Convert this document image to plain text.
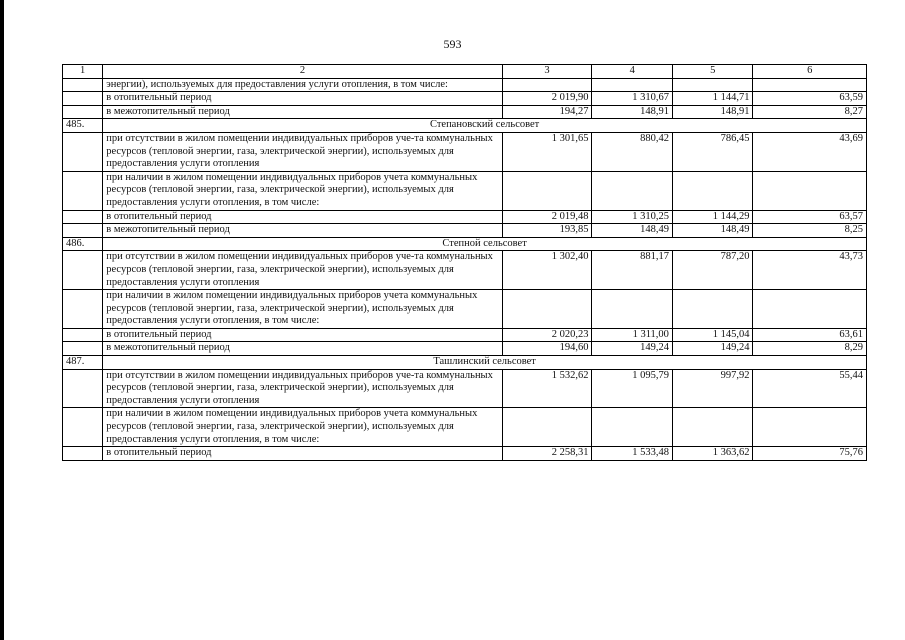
593
1	2	3	4	5	6
	энергии), используемых для предоставления услуги отопления, в том числе:				
	в отопительный период	2 019,90	1 310,67	1 144,71	63,59
	в межотопительный период	194,27	148,91	148,91	8,27
485.	Степановский сельсовет				
	при отсутствии в жилом помещении индивидуальных приборов уче-та коммунальных ресурсов (тепловой энергии, газа, электрической энергии), используемых для предоставления услуги отопления	1 301,65	880,42	786,45	43,69
	при наличии в жилом помещении индивидуальных приборов учета коммунальных ресурсов (тепловой энергии, газа, электрической энергии), используемых для предоставления услуги отопления, в том числе:				
	в отопительный период	2 019,48	1 310,25	1 144,29	63,57
	в межотопительный период	193,85	148,49	148,49	8,25
486.	Степной сельсовет				
	при отсутствии в жилом помещении индивидуальных приборов уче-та коммунальных ресурсов (тепловой энергии, газа, электрической энергии), используемых для предоставления услуги отопления	1 302,40	881,17	787,20	43,73
	при наличии в жилом помещении индивидуальных приборов учета коммунальных ресурсов (тепловой энергии, газа, электрической энергии), используемых для предоставления услуги отопления, в том числе:				
	в отопительный период	2 020,23	1 311,00	1 145,04	63,61
	в межотопительный период	194,60	149,24	149,24	8,29
487.	Ташлинский сельсовет				
	при отсутствии в жилом помещении индивидуальных приборов уче-та коммунальных ресурсов (тепловой энергии, газа, электрической энергии), используемых для предоставления услуги отопления	1 532,62	1 095,79	997,92	55,44
	при наличии в жилом помещении индивидуальных приборов учета коммунальных ресурсов (тепловой энергии, газа, электрической энергии), используемых для предоставления услуги отопления, в том числе:				
	в отопительный период	2 258,31	1 533,48	1 363,62	75,76
